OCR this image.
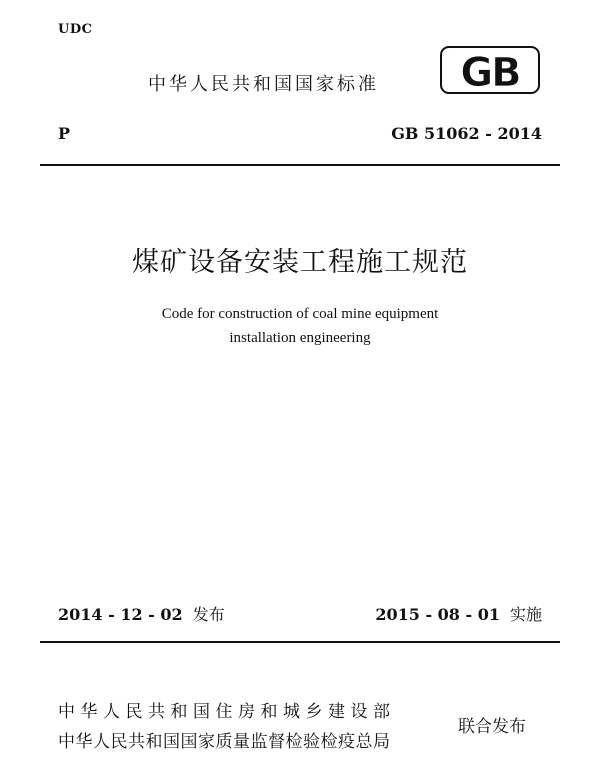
UDC
中华人民共和国国家标准 GB
P	GB 51062 - 2014
煤矿设备安装工程施工规范
Code for construction of coal mine equipment
installation engineering
2014 - 12 - 02 发布	2015 - 08 - 01 实施
中华人民共和国住房和城乡建设部
中华人民共和国国家质量监督检验检疫总局
联合发布
